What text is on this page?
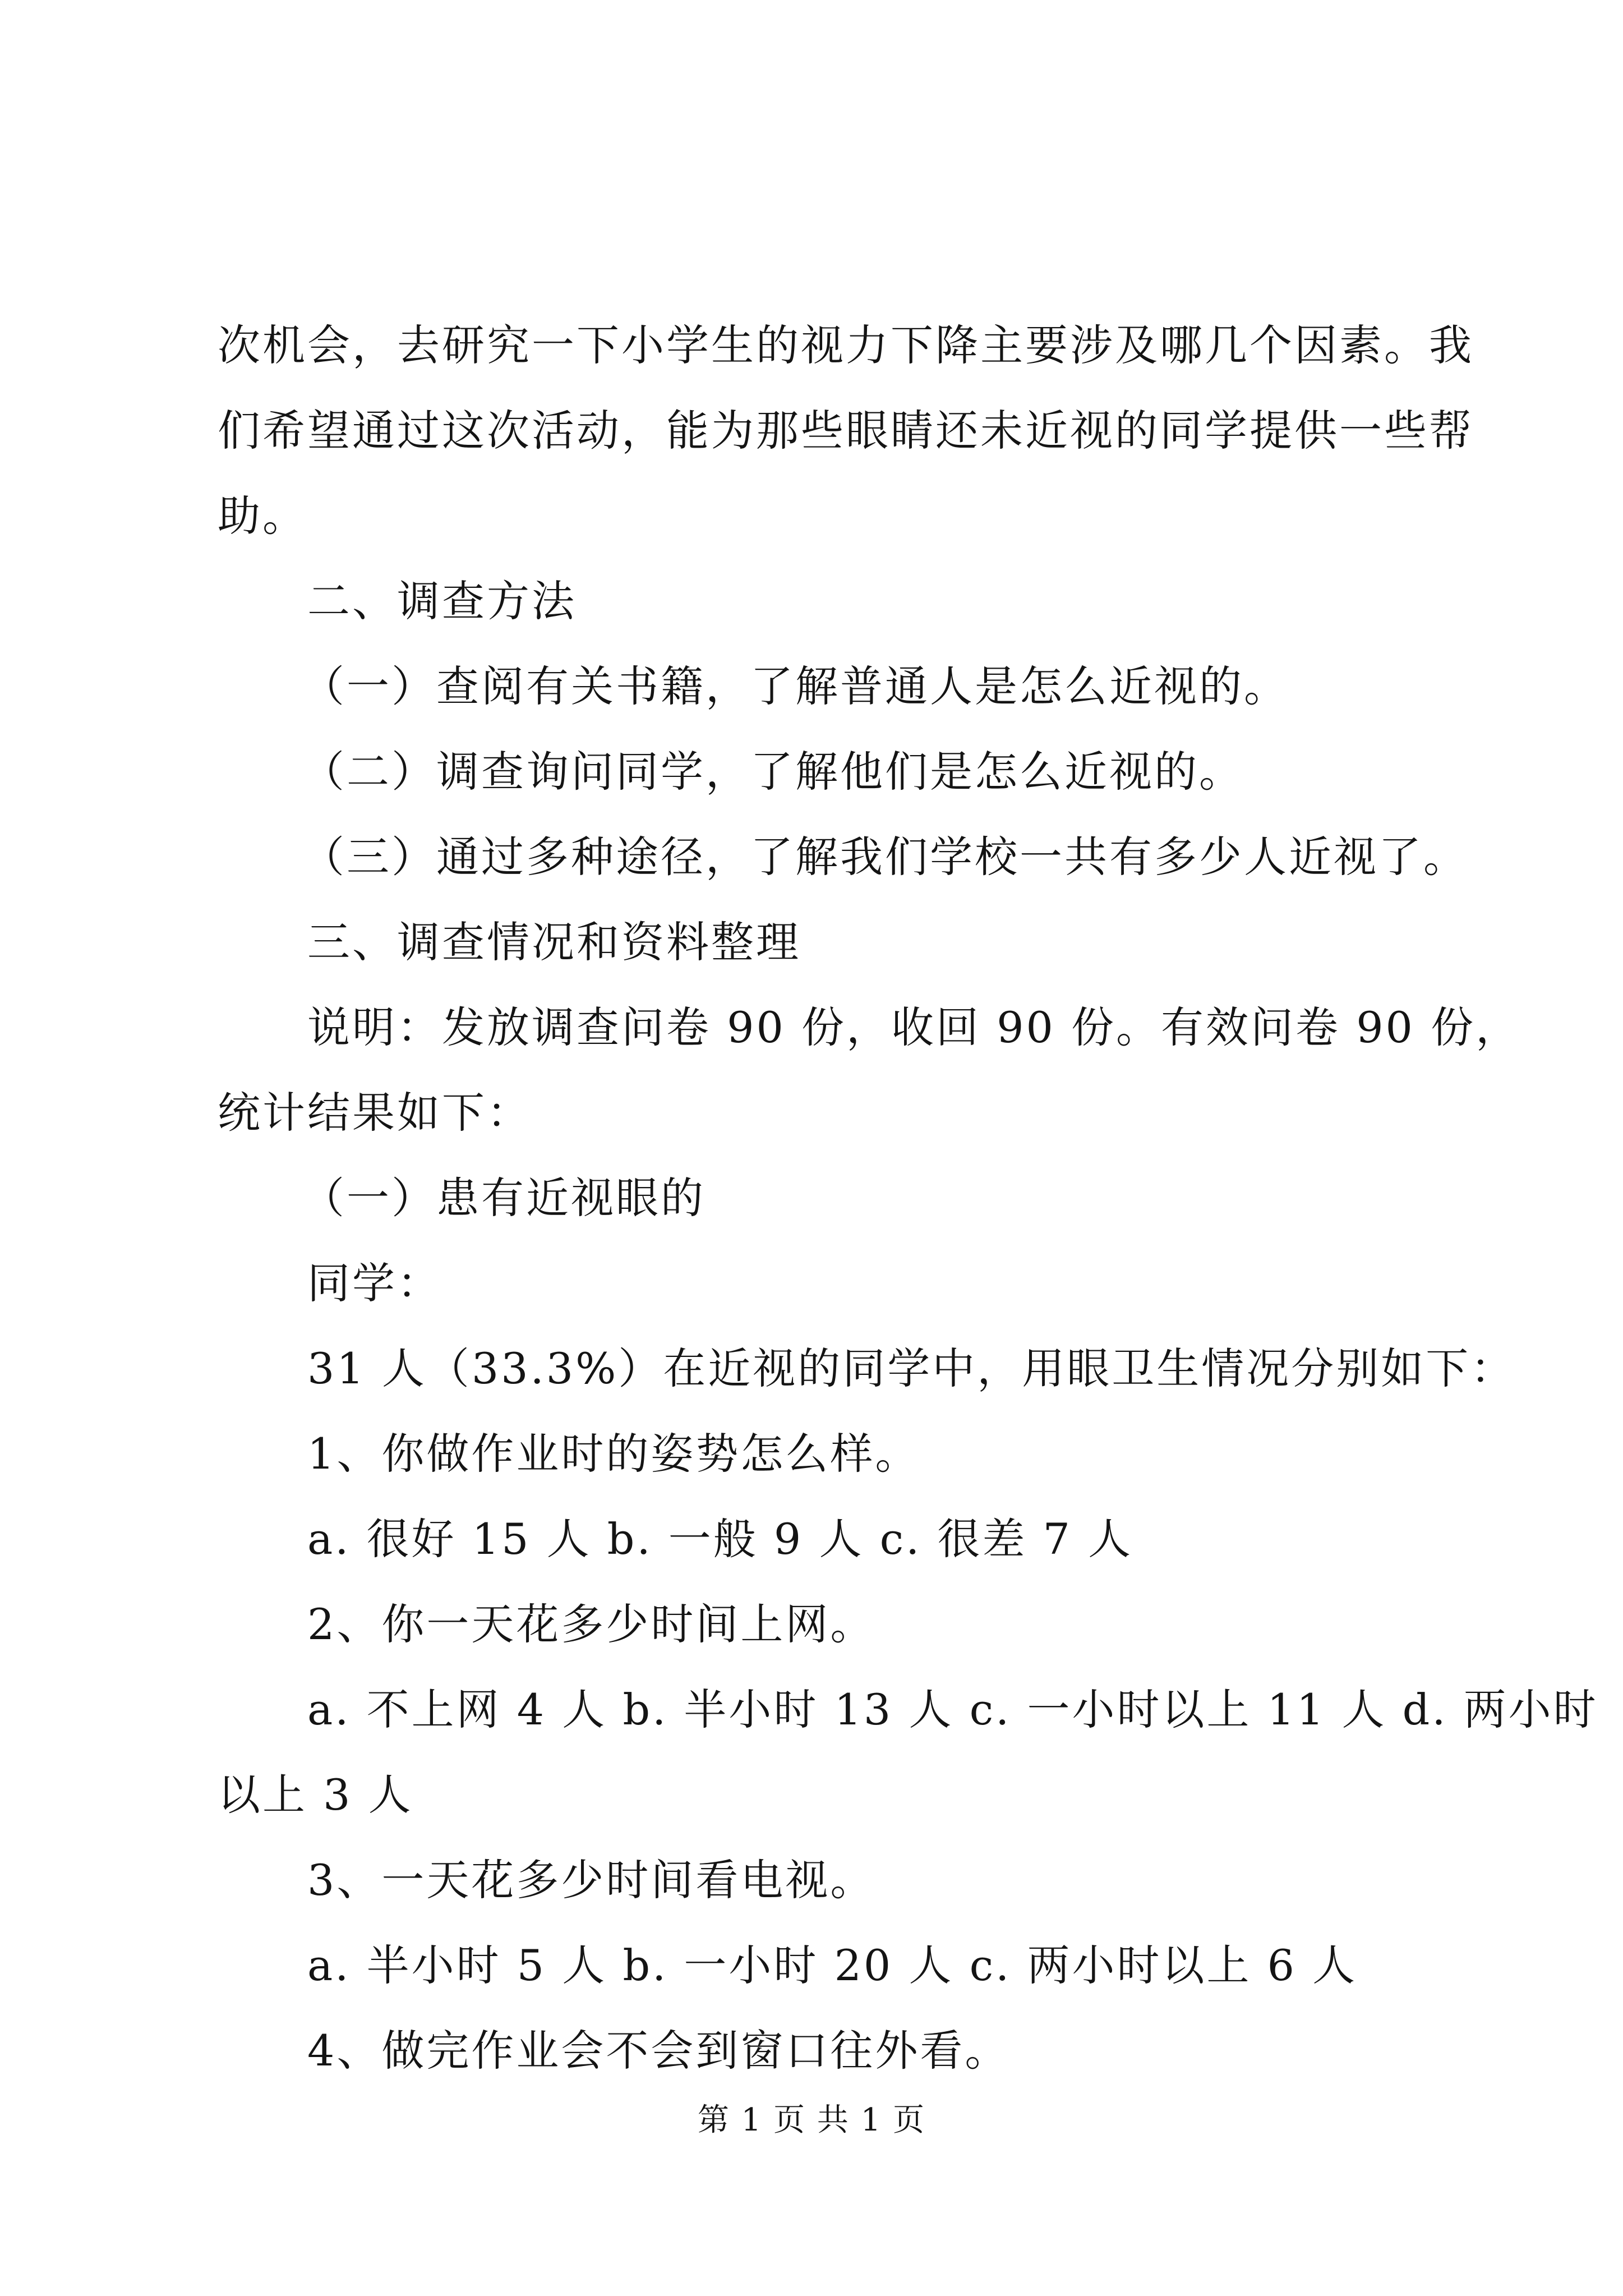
次机会，去研究一下小学生的视力下降主要涉及哪几个因素。我
们希望通过这次活动，能为那些眼睛还未近视的同学提供一些帮
助。
二、调查方法
（一）查阅有关书籍，了解普通人是怎么近视的。
（二）调查询问同学，了解他们是怎么近视的。
（三）通过多种途径，了解我们学校一共有多少人近视了。
三、调查情况和资料整理
说明：发放调查问卷 90 份，收回 90 份。有效问卷 90 份，
统计结果如下：
（一）患有近视眼的
同学：
31 人（33.3%）在近视的同学中，用眼卫生情况分别如下：
1、你做作业时的姿势怎么样。
a. 很好 15 人 b. 一般 9 人 c. 很差 7 人
2、你一天花多少时间上网。
a. 不上网 4 人 b. 半小时 13 人 c. 一小时以上 11 人 d. 两小时
以上 3 人
3、一天花多少时间看电视。
a. 半小时 5 人 b. 一小时 20 人 c. 两小时以上 6 人
4、做完作业会不会到窗口往外看。
第 1 页 共 1 页
